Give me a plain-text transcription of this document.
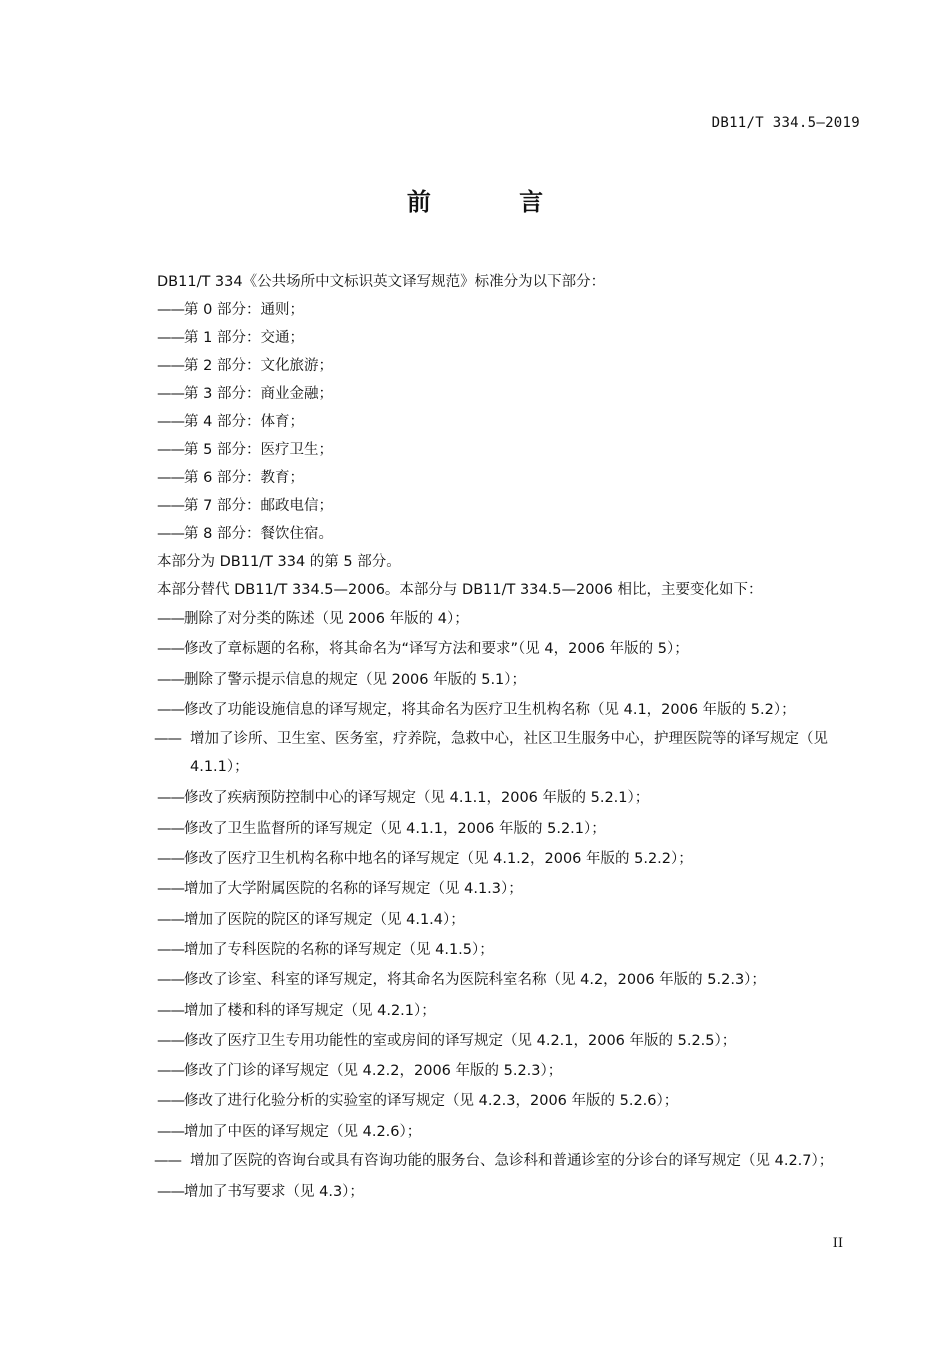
DB11/T 334.5—2019
前 言
DB11/T 334《公共场所中文标识英文译写规范》标准分为以下部分：
——第 0 部分：通则；
——第 1 部分：交通；
——第 2 部分：文化旅游；
——第 3 部分：商业金融；
——第 4 部分：体育；
——第 5 部分：医疗卫生；
——第 6 部分：教育；
——第 7 部分：邮政电信；
——第 8 部分：餐饮住宿。
本部分为 DB11/T 334 的第 5 部分。
本部分替代 DB11/T 334.5—2006。本部分与 DB11/T 334.5—2006 相比，主要变化如下：
——删除了对分类的陈述（见 2006 年版的 4）；
——修改了章标题的名称，将其命名为“译写方法和要求”（见 4，2006 年版的 5）；
——删除了警示提示信息的规定（见 2006 年版的 5.1）；
——修改了功能设施信息的译写规定，将其命名为医疗卫生机构名称（见 4.1，2006 年版的 5.2）；
—— 增加了诊所、卫生室、医务室，疗养院，急救中心，社区卫生服务中心，护理医院等的译写规定（见 4.1.1）；
——修改了疾病预防控制中心的译写规定（见 4.1.1，2006 年版的 5.2.1）；
——修改了卫生监督所的译写规定（见 4.1.1，2006 年版的 5.2.1）；
——修改了医疗卫生机构名称中地名的译写规定（见 4.1.2，2006 年版的 5.2.2）；
——增加了大学附属医院的名称的译写规定（见 4.1.3）；
——增加了医院的院区的译写规定（见 4.1.4）；
——增加了专科医院的名称的译写规定（见 4.1.5）；
——修改了诊室、科室的译写规定，将其命名为医院科室名称（见 4.2，2006 年版的 5.2.3）；
——增加了楼和科的译写规定（见 4.2.1）；
——修改了医疗卫生专用功能性的室或房间的译写规定（见 4.2.1，2006 年版的 5.2.5）；
——修改了门诊的译写规定（见 4.2.2，2006 年版的 5.2.3）；
——修改了进行化验分析的实验室的译写规定（见 4.2.3，2006 年版的 5.2.6）；
——增加了中医的译写规定（见 4.2.6）；
—— 增加了医院的咨询台或具有咨询功能的服务台、急诊科和普通诊室的分诊台的译写规定（见 4.2.7）；
——增加了书写要求（见 4.3）；
II
